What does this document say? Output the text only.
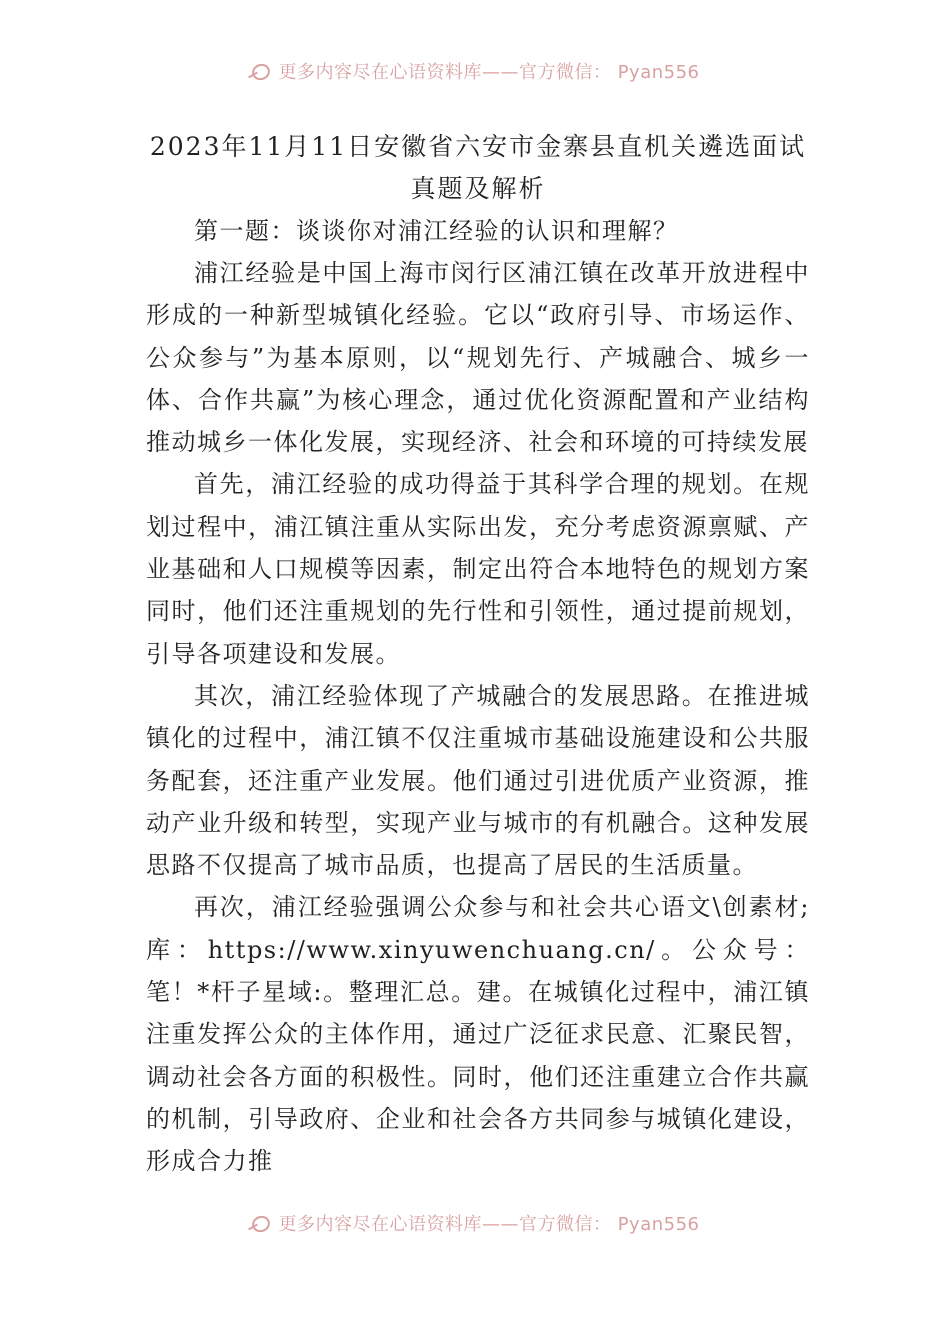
更多内容尽在心语资料库——官方微信： Pyan556
2023年11月11日安徽省六安市金寨县直机关遴选面试真题及解析

第一题：谈谈你对浦江经验的认识和理解？

浦江经验是中国上海市闵行区浦江镇在改革开放进程中形成的一种新型城镇化经验。它以“政府引导、市场运作、公众参与”为基本原则，以“规划先行、产城融合、城乡一体、合作共赢”为核心理念，通过优化资源配置和产业结构推动城乡一体化发展，实现经济、社会和环境的可持续发展

首先，浦江经验的成功得益于其科学合理的规划。在规划过程中，浦江镇注重从实际出发，充分考虑资源禀赋、产业基础和人口规模等因素，制定出符合本地特色的规划方案同时，他们还注重规划的先行性和引领性，通过提前规划，引导各项建设和发展。

其次，浦江经验体现了产城融合的发展思路。在推进城镇化的过程中，浦江镇不仅注重城市基础设施建设和公共服务配套，还注重产业发展。他们通过引进优质产业资源，推动产业升级和转型，实现产业与城市的有机融合。这种发展思路不仅提高了城市品质，也提高了居民的生活质量。

再次，浦江经验强调公众参与和社会共心语文\创素材;库：https://www.xinyuwenchuang.cn/。公众号：笔！*杆子星域:。整理汇总。建。在城镇化过程中，浦江镇注重发挥公众的主体作用，通过广泛征求民意、汇聚民智，调动社会各方面的积极性。同时，他们还注重建立合作共赢的机制，引导政府、企业和社会各方共同参与城镇化建设，形成合力推

更多内容尽在心语资料库——官方微信： Pyan556
